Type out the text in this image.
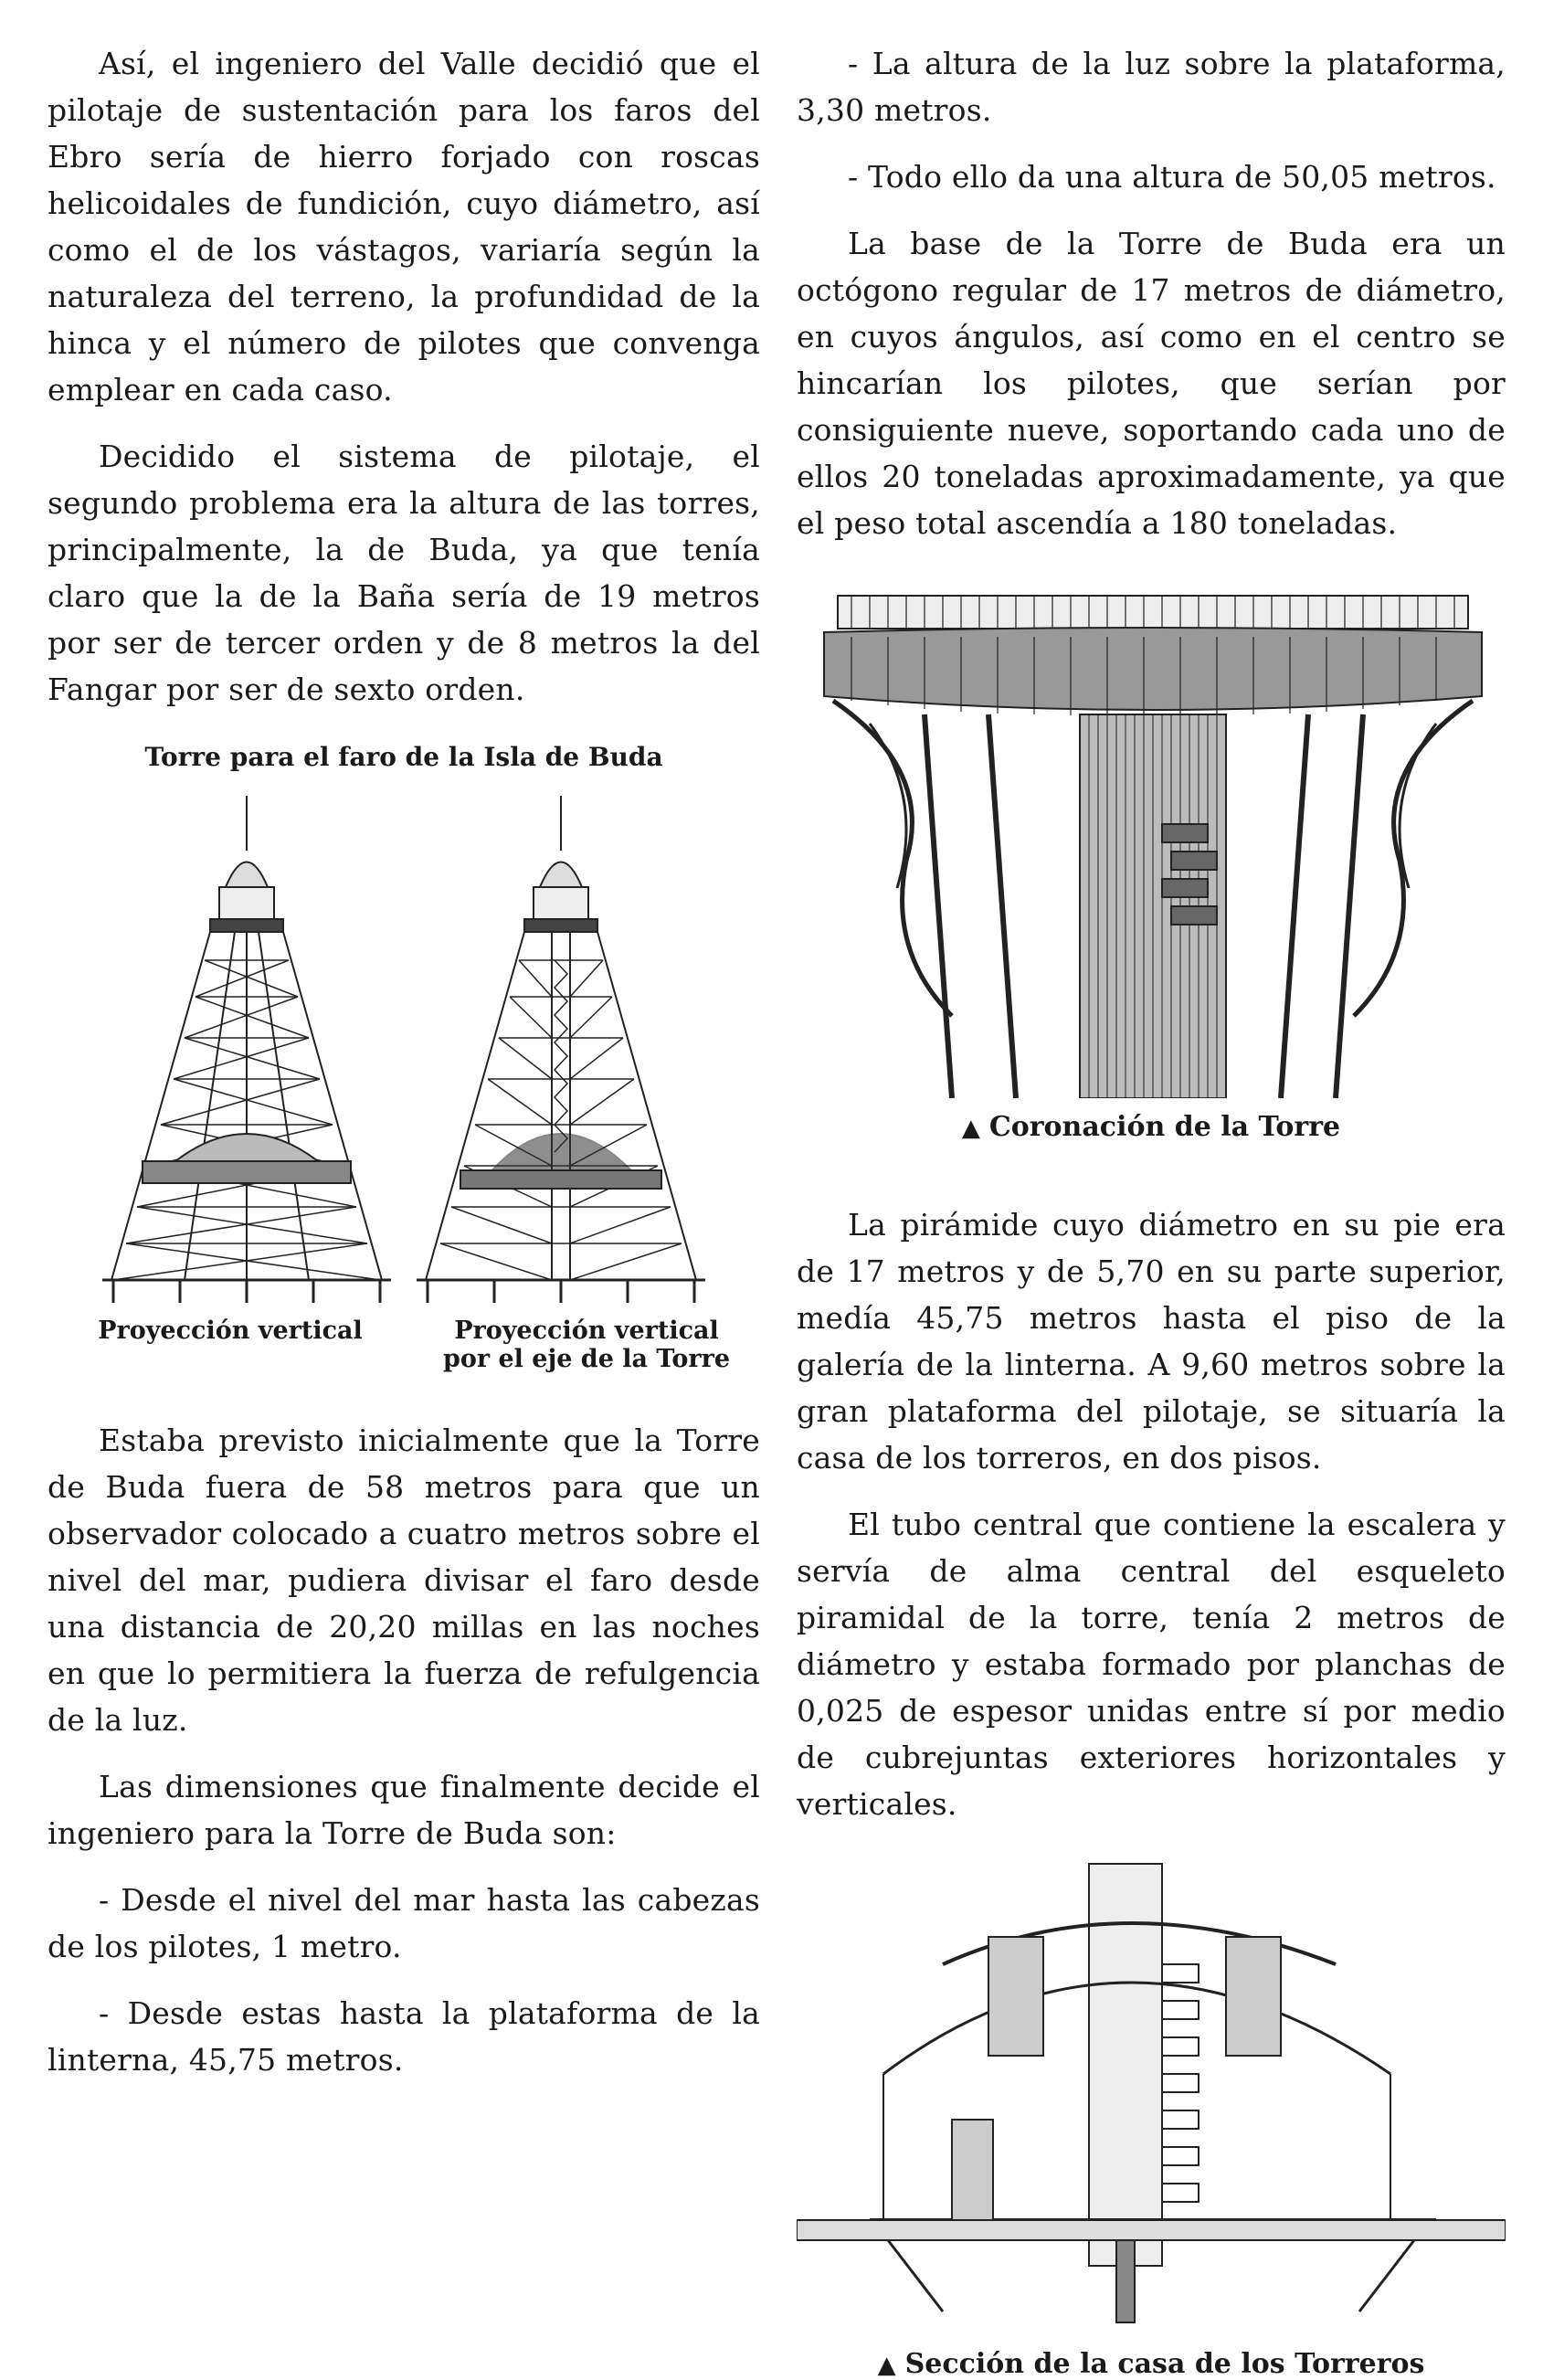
Así, el ingeniero del Valle decidió que el pilotaje de sustentación para los faros del Ebro sería de hierro forjado con roscas helicoidales de fundición, cuyo diámetro, así como el de los vástagos, variaría según la naturaleza del terreno, la profundidad de la hinca y el número de pilotes que convenga emplear en cada caso.

Decidido el sistema de pilotaje, el segundo problema era la altura de las torres, principalmente, la de Buda, ya que tenía claro que la de la Baña sería de 19 metros por ser de tercer orden y de 8 metros la del Fangar por ser de sexto orden.

Torre para el faro de la Isla de Buda
Proyección vertical	Proyección vertical
por el eje de la Torre

Estaba previsto inicialmente que la Torre de Buda fuera de 58 metros para que un observador colocado a cuatro metros sobre el nivel del mar, pudiera divisar el faro desde una distancia de 20,20 millas en las noches en que lo permitiera la fuerza de refulgencia de la luz.

Las dimensiones que finalmente decide el ingeniero para la Torre de Buda son:

- Desde el nivel del mar hasta las cabezas de los pilotes, 1 metro.

- Desde estas hasta la plataforma de la linterna, 45,75 metros.

- La altura de la luz sobre la plataforma, 3,30 metros.

- Todo ello da una altura de 50,05 metros.

La base de la Torre de Buda era un octógono regular de 17 metros de diámetro, en cuyos ángulos, así como en el centro se hincarían los pilotes, que serían por consiguiente nueve, soportando cada uno de ellos 20 toneladas aproximadamente, ya que el peso total ascendía a 180 toneladas.

▲ Coronación de la Torre

La pirámide cuyo diámetro en su pie era de 17 metros y de 5,70 en su parte superior, medía 45,75 metros hasta el piso de la galería de la linterna. A 9,60 metros sobre la gran plataforma del pilotaje, se situaría la casa de los torreros, en dos pisos.

El tubo central que contiene la escalera y servía de alma central del esqueleto piramidal de la torre, tenía 2 metros de diámetro y estaba formado por planchas de 0,025 de espesor unidas entre sí por medio de cubrejuntas exteriores horizontales y verticales.

▲ Sección de la casa de los Torreros
